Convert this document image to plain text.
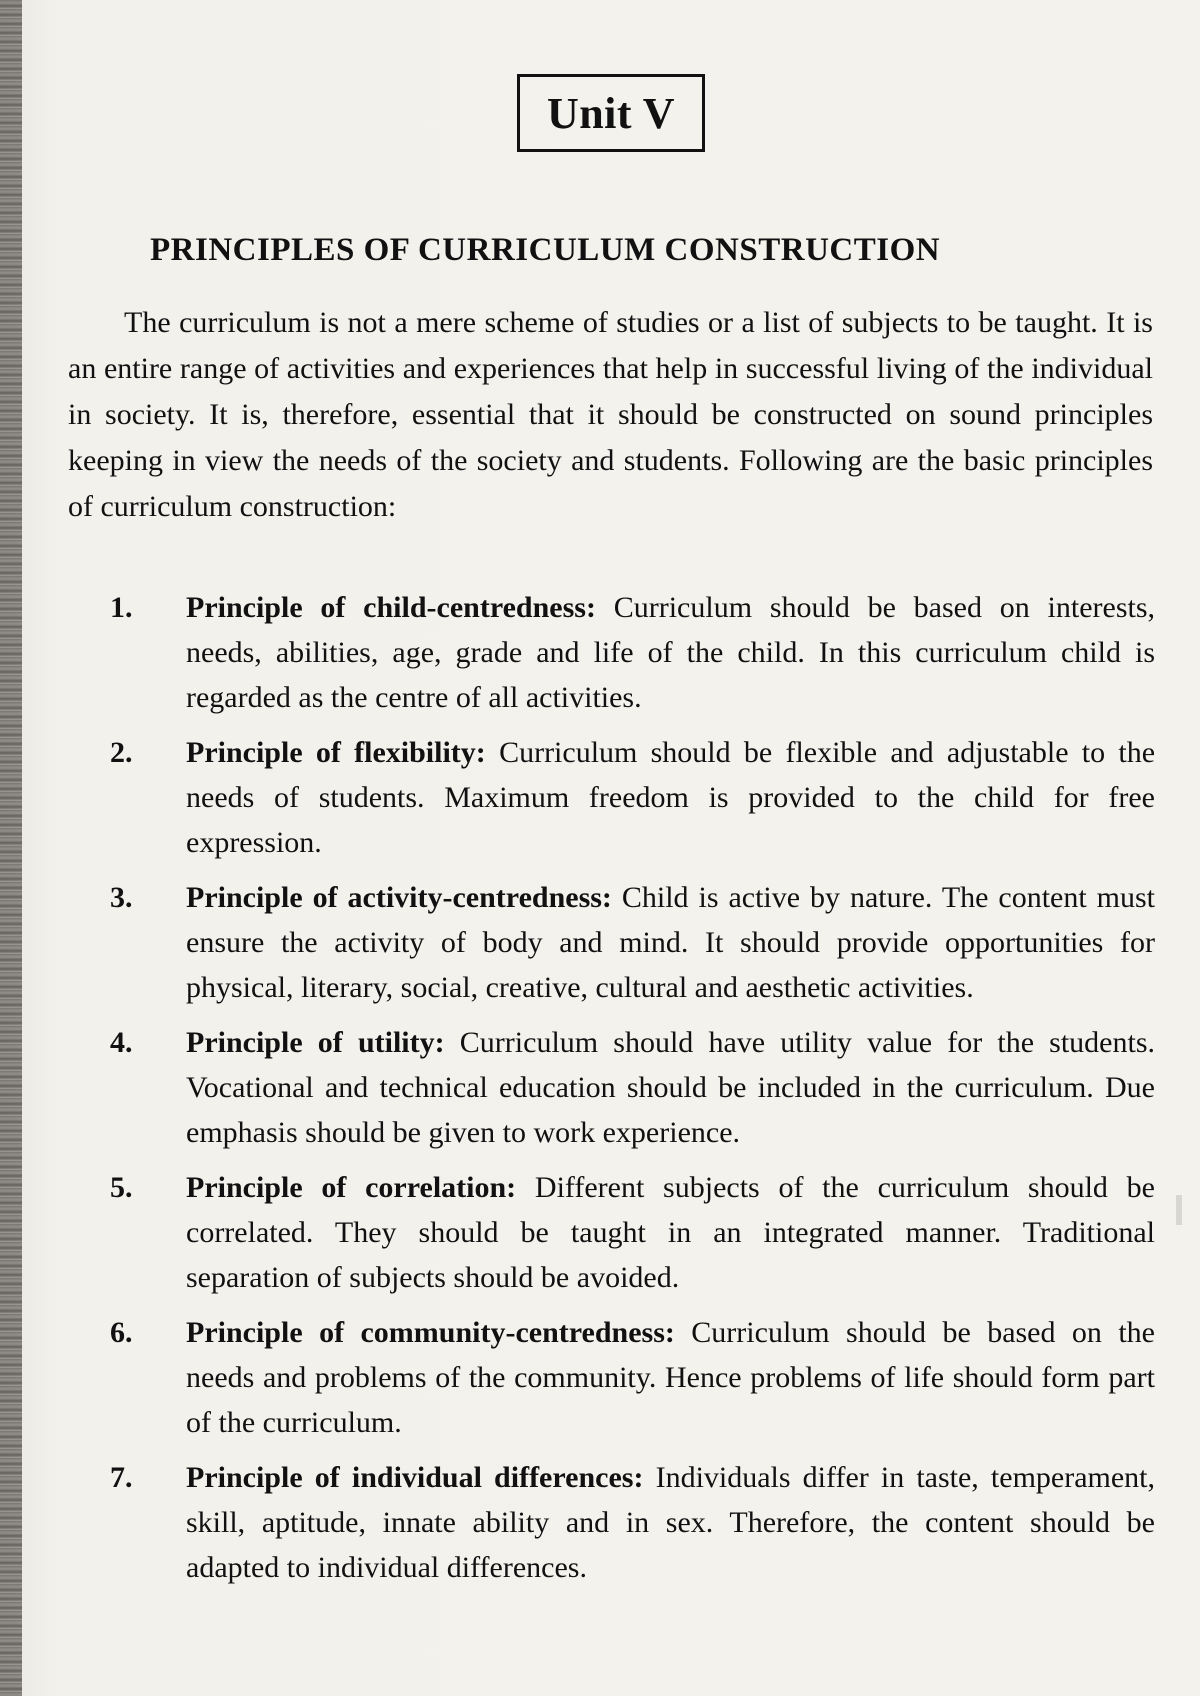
Unit V
PRINCIPLES OF CURRICULUM CONSTRUCTION

The curriculum is not a mere scheme of studies or a list of subjects to be taught. It is an entire range of activities and experiences that help in successful living of the individual in society. It is, therefore, essential that it should be constructed on sound principles keeping in view the needs of the society and students. Following are the basic principles of curriculum construction:

1. Principle of child-centredness: Curriculum should be based on interests, needs, abilities, age, grade and life of the child. In this curriculum child is regarded as the centre of all activities.
2. Principle of flexibility: Curriculum should be flexible and adjustable to the needs of students. Maximum freedom is provided to the child for free expression.
3. Principle of activity-centredness: Child is active by nature. The content must ensure the activity of body and mind. It should provide opportunities for physical, literary, social, creative, cultural and aesthetic activities.
4. Principle of utility: Curriculum should have utility value for the students. Vocational and technical education should be included in the curriculum. Due emphasis should be given to work experience.
5. Principle of correlation: Different subjects of the curriculum should be correlated. They should be taught in an integrated manner. Traditional separation of subjects should be avoided.
6. Principle of community-centredness: Curriculum should be based on the needs and problems of the community. Hence problems of life should form part of the curriculum.
7. Principle of individual differences: Individuals differ in taste, temperament, skill, aptitude, innate ability and in sex. Therefore, the content should be adapted to individual differences.
